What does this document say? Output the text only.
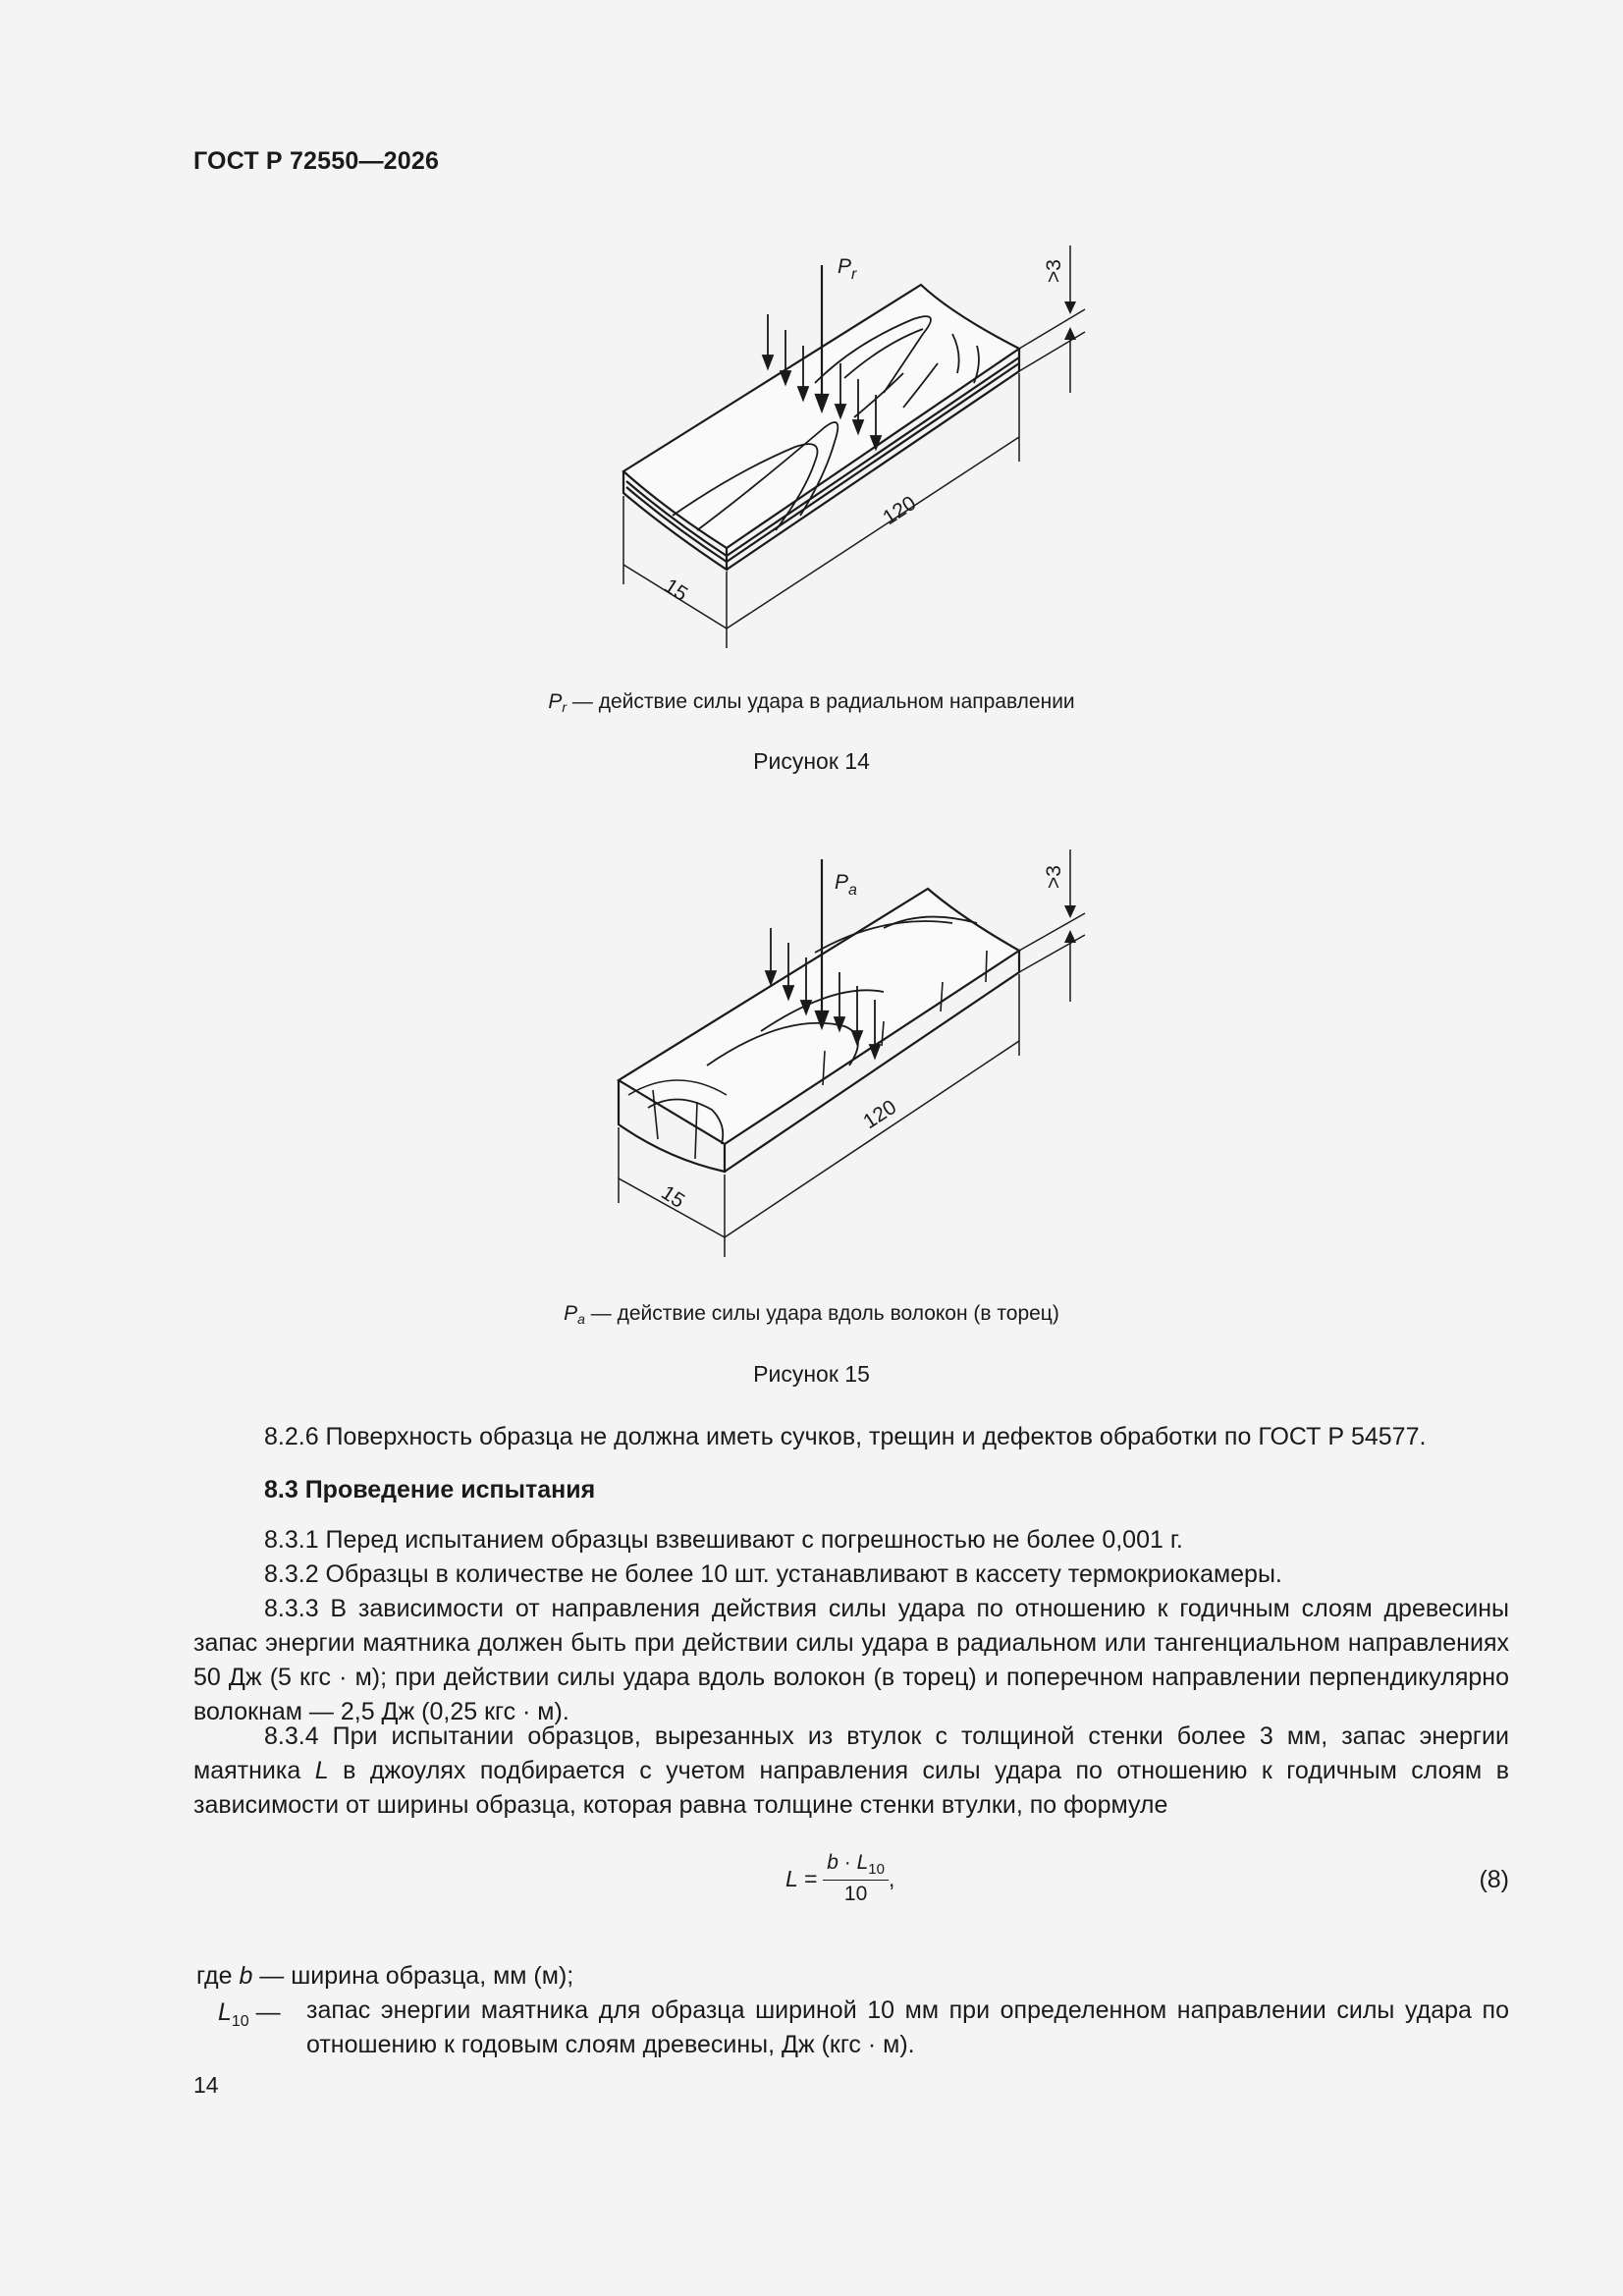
ГОСТ Р 72550—2026
$P_r$
120
15
>3
$P_r$ — действие силы удара в радиальном направлении
Рисунок 14
$P_a$
120
15
>3
$P_a$ — действие силы удара вдоль волокон (в торец)
Рисунок 15
8.2.6 Поверхность образца не должна иметь сучков, трещин и дефектов обработки по ГОСТ Р 54577.
8.3 Проведение испытания
8.3.1 Перед испытанием образцы взвешивают с погрешностью не более 0,001 г.
8.3.2 Образцы в количестве не более 10 шт. устанавливают в кассету термокриокамеры.
8.3.3 В зависимости от направления действия силы удара по отношению к годичным слоям древесины запас энергии маятника должен быть при действии силы удара в радиальном или тангенциальном направлениях 50 Дж (5 кгс · м); при действии силы удара вдоль волокон (в торец) и поперечном направлении перпендикулярно волокнам — 2,5 Дж (0,25 кгс · м).
8.3.4 При испытании образцов, вырезанных из втулок с толщиной стенки более 3 мм, запас энергии маятника L в джоулях подбирается с учетом направления силы удара по отношению к годичным слоям в зависимости от ширины образца, которая равна толщине стенки втулки, по формуле
$L = \frac{b \cdot L_{10}}{10}$ ,	(8)
где b — ширина образца, мм (м);
$L_{10}$ — запас энергии маятника для образца шириной 10 мм при определенном направлении силы удара по отношению к годовым слоям древесины, Дж (кгс · м).
14
